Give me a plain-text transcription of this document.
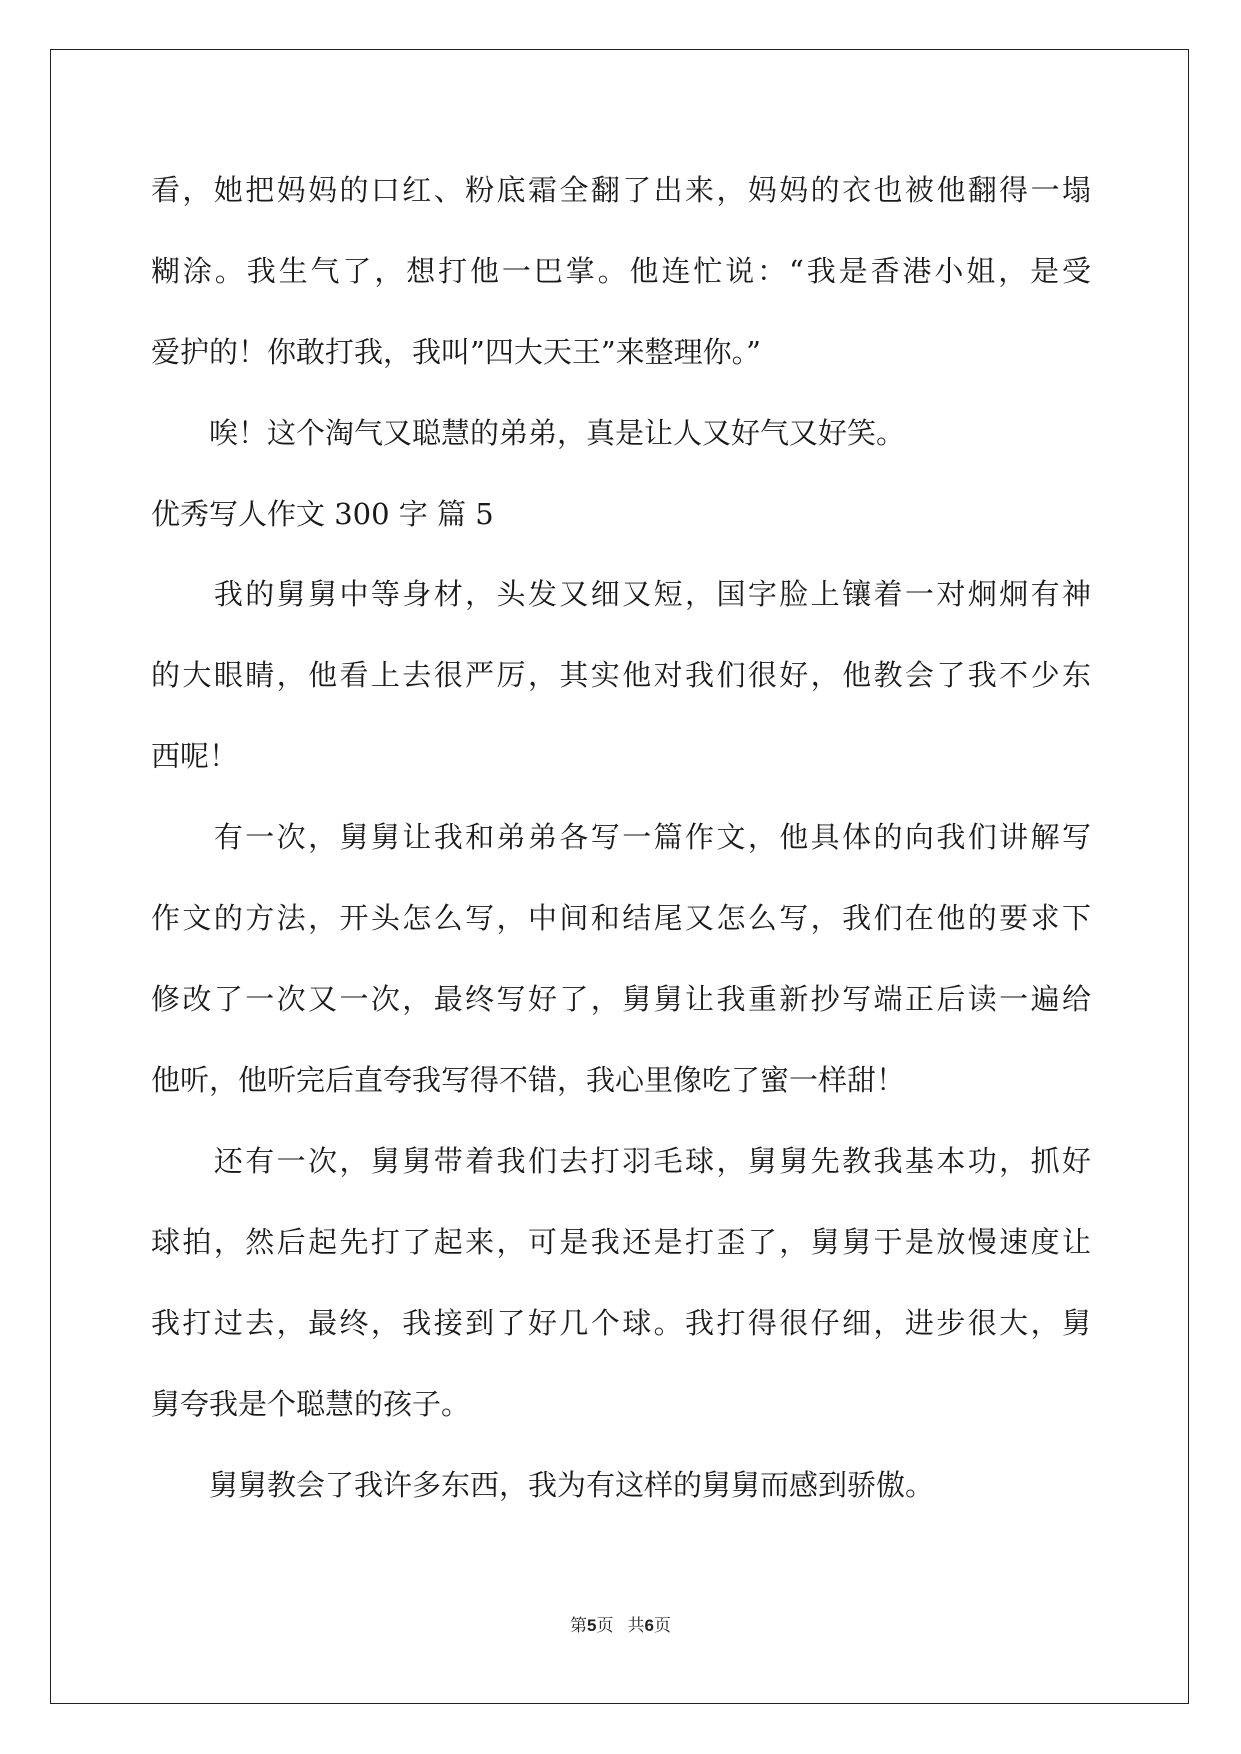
看，她把妈妈的口红、粉底霜全翻了出来，妈妈的衣也被他翻得一塌
糊涂。我生气了，想打他一巴掌。他连忙说：“我是香港小姐，是受
爱护的！你敢打我，我叫”四大天王”来整理你。”
　　唉！这个淘气又聪慧的弟弟，真是让人又好气又好笑。
优秀写人作文 300 字 篇 5
　　我的舅舅中等身材，头发又细又短，国字脸上镶着一对炯炯有神
的大眼睛，他看上去很严厉，其实他对我们很好，他教会了我不少东
西呢！
　　有一次，舅舅让我和弟弟各写一篇作文，他具体的向我们讲解写
作文的方法，开头怎么写，中间和结尾又怎么写，我们在他的要求下
修改了一次又一次，最终写好了，舅舅让我重新抄写端正后读一遍给
他听，他听完后直夸我写得不错，我心里像吃了蜜一样甜！
　　还有一次，舅舅带着我们去打羽毛球，舅舅先教我基本功，抓好
球拍，然后起先打了起来，可是我还是打歪了，舅舅于是放慢速度让
我打过去，最终，我接到了好几个球。我打得很仔细，进步很大，舅
舅夸我是个聪慧的孩子。
　　舅舅教会了我许多东西，我为有这样的舅舅而感到骄傲。
第5页 共6页
